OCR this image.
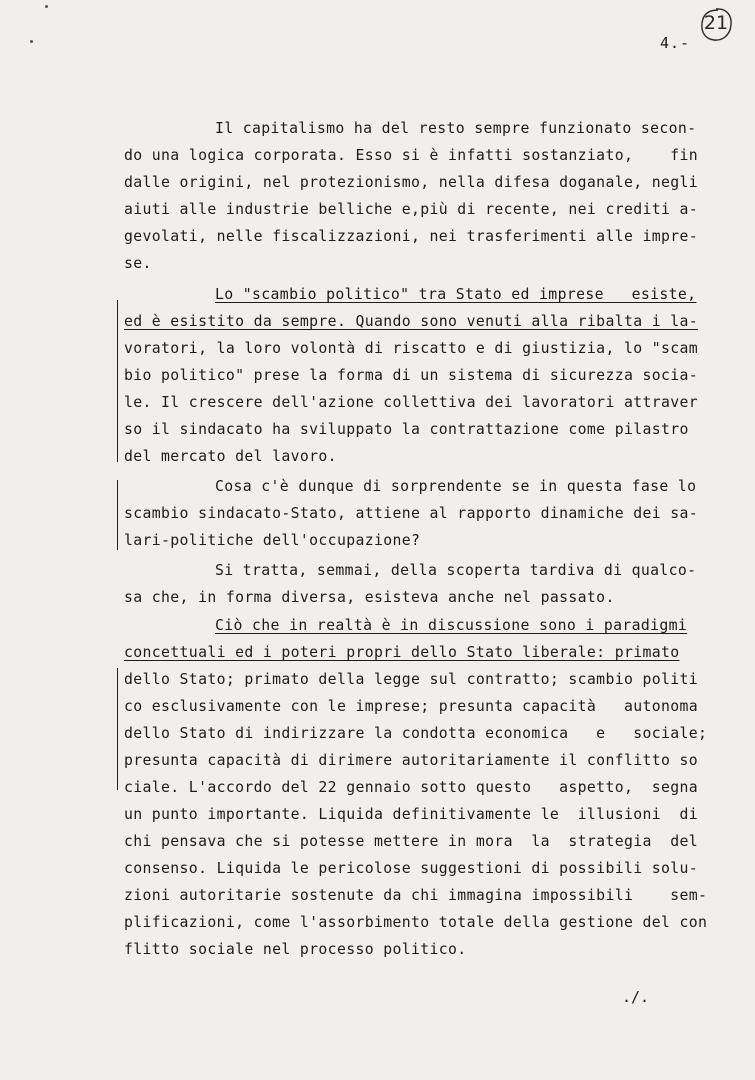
4.-
21
Il capitalismo ha del resto sempre funzionato secon-
do una logica corporata. Esso si è infatti sostanziato,    fin
dalle origini, nel protezionismo, nella difesa doganale, negli
aiuti alle industrie belliche e,più di recente, nei crediti a-
gevolati, nelle fiscalizzazioni, nei trasferimenti alle impre-
se.
Lo "scambio politico" tra Stato ed imprese   esiste,
ed è esistito da sempre. Quando sono venuti alla ribalta i la-
voratori, la loro volontà di riscatto e di giustizia, lo "scam
bio politico" prese la forma di un sistema di sicurezza socia-
le. Il crescere dell'azione collettiva dei lavoratori attraver
so il sindacato ha sviluppato la contrattazione come pilastro
del mercato del lavoro.
Cosa c'è dunque di sorprendente se in questa fase lo
scambio sindacato-Stato, attiene al rapporto dinamiche dei sa-
lari-politiche dell'occupazione?
Si tratta, semmai, della scoperta tardiva di qualco-
sa che, in forma diversa, esisteva anche nel passato.
Ciò che in realtà è in discussione sono i paradigmi
concettuali ed i poteri propri dello Stato liberale: primato
dello Stato; primato della legge sul contratto; scambio politi
co esclusivamente con le imprese; presunta capacità   autonoma
dello Stato di indirizzare la condotta economica   e   sociale;
presunta capacità di dirimere autoritariamente il conflitto so
ciale. L'accordo del 22 gennaio sotto questo   aspetto,  segna
un punto importante. Liquida definitivamente le  illusioni  di
chi pensava che si potesse mettere in mora  la  strategia  del
consenso. Liquida le pericolose suggestioni di possibili solu-
zioni autoritarie sostenute da chi immagina impossibili    sem-
plificazioni, come l'assorbimento totale della gestione del con
flitto sociale nel processo politico.
./.
